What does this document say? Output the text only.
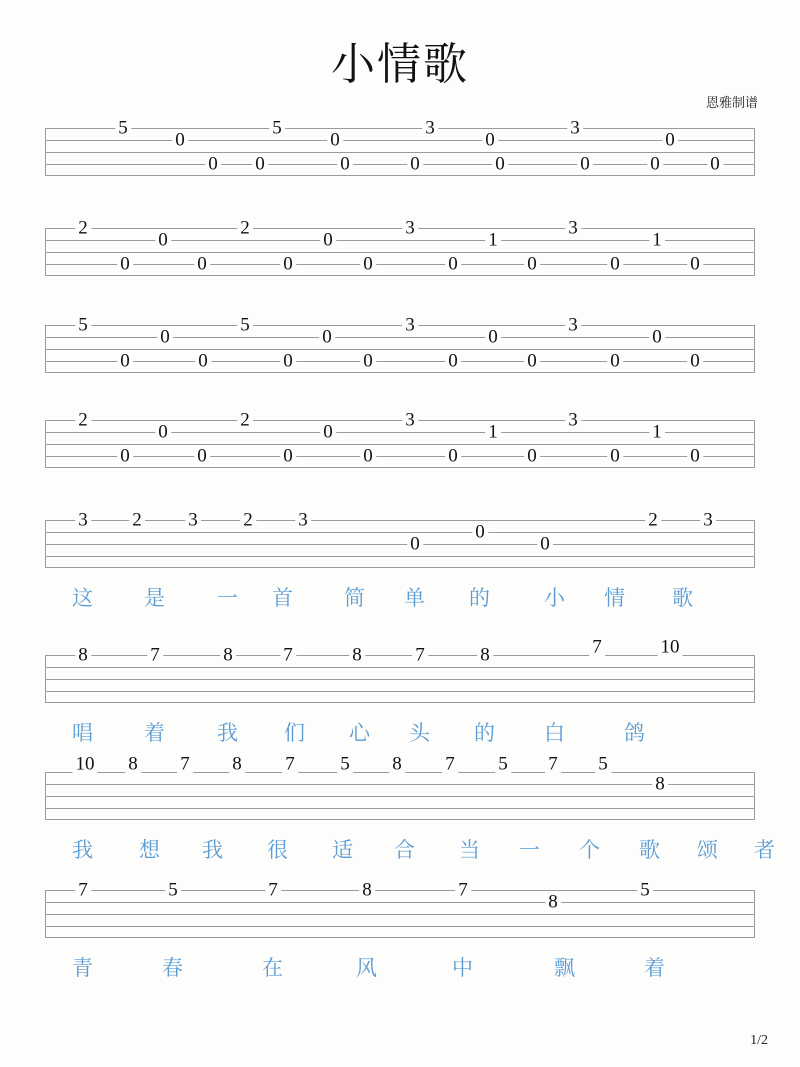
小情歌
恩雅制谱
5
0
0 0
5
0
0	0
3
0
0
3
0	0
0
0
2
0
0	0
2
0
0	0
3
1
0	0
3
1
0	0
5
0
0	0
5
0
0	0
3
0
0	0
3
0
0	0
2
0
0	0
2
0
0	0
3
1
0	0
3
1
0	0
3 2 3 2 3
0
0	0
2 3
8	7	8	7	8	7	8	7	10
10 8 7 8 7 5 8 7 5 7 5
8
7	5	7	8	7
8
5
1/2
这 是 一 首 简 单 的	小 情 歌
唱 着 我 们 心 头 的 白	鸽
我 想 我 很 适 合 当 一 个 歌 颂 者
青	春	在	风	中	飘	着
